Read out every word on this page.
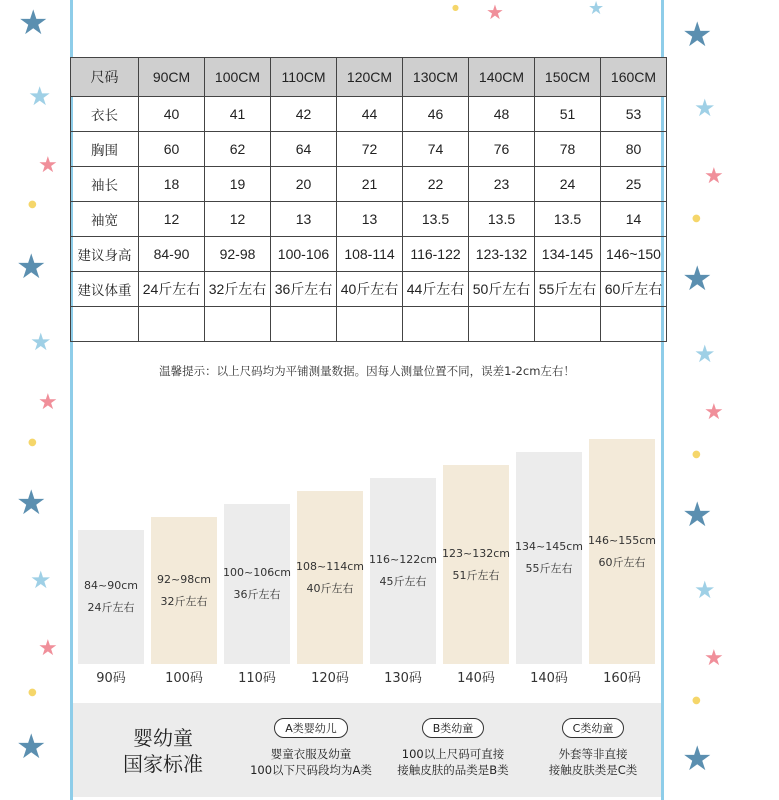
★
★
★
●
★
★
★
●
★
★
★
●
★
★
★
★
●
★
★
★
●
★
★
★
●
★
★	★
●
尺码	90CM	100CM	110CM	120CM	130CM	140CM	150CM	160CM
衣长	40	41	42	44	46	48	51	53
胸围	60	62	64	72	74	76	78	80
袖长	18	19	20	21	22	23	24	25
袖宽	12	12	13	13	13.5	13.5	13.5	14
建议身高	84-90	92-98	100-106	108-114	116-122	123-132	134-145	146~150
建议体重	24斤左右	32斤左右	36斤左右	40斤左右	44斤左右	50斤左右	55斤左右	60斤左右

温馨提示：以上尺码均为平铺测量数据。因每人测量位置不同，误差1-2cm左右！
84~90cm
24斤左右
90码
92~98cm
32斤左右
100码
100~106cm
36斤左右
110码
108~114cm
40斤左右
120码
116~122cm
45斤左右
130码
123~132cm
51斤左右
140码
134~145cm
55斤左右
140码
146~155cm
60斤左右
160码
婴幼童
国家标准
A类婴幼儿
婴童衣服及幼童
100以下尺码段均为A类
B类幼童
100以上尺码可直接
接触皮肤的品类是B类
C类幼童
外套等非直接
接触皮肤类是C类
